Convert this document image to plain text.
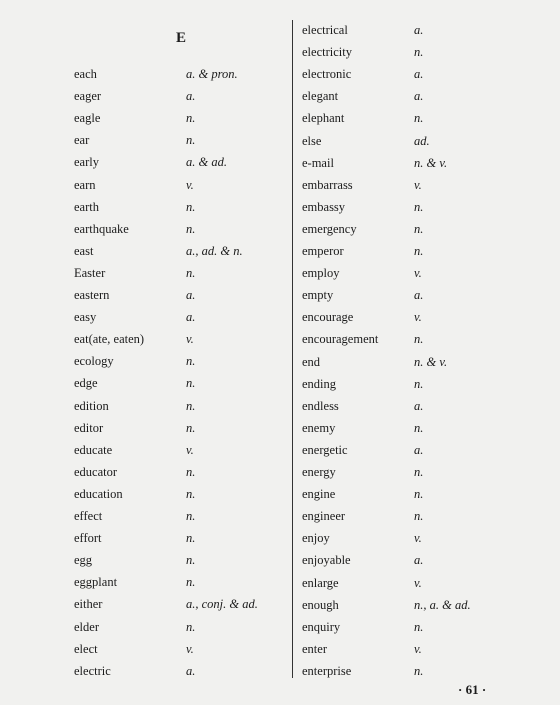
E
each	a. & pron.
eager	a.
eagle	n.
ear	n.
early	a. & ad.
earn	v.
earth	n.
earthquake	n.
east	a., ad. & n.
Easter	n.
eastern	a.
easy	a.
eat(ate, eaten)	v.
ecology	n.
edge	n.
edition	n.
editor	n.
educate	v.
educator	n.
education	n.
effect	n.
effort	n.
egg	n.
eggplant	n.
either	a., conj. & ad.
elder	n.
elect	v.
electric	a.
electrical	a.
electricity	n.
electronic	a.
elegant	a.
elephant	n.
else	ad.
e-mail	n. & v.
embarrass	v.
embassy	n.
emergency	n.
emperor	n.
employ	v.
empty	a.
encourage	v.
encouragement	n.
end	n. & v.
ending	n.
endless	a.
enemy	n.
energetic	a.
energy	n.
engine	n.
engineer	n.
enjoy	v.
enjoyable	a.
enlarge	v.
enough	n., a. & ad.
enquiry	n.
enter	v.
enterprise	n.
· 61 ·
